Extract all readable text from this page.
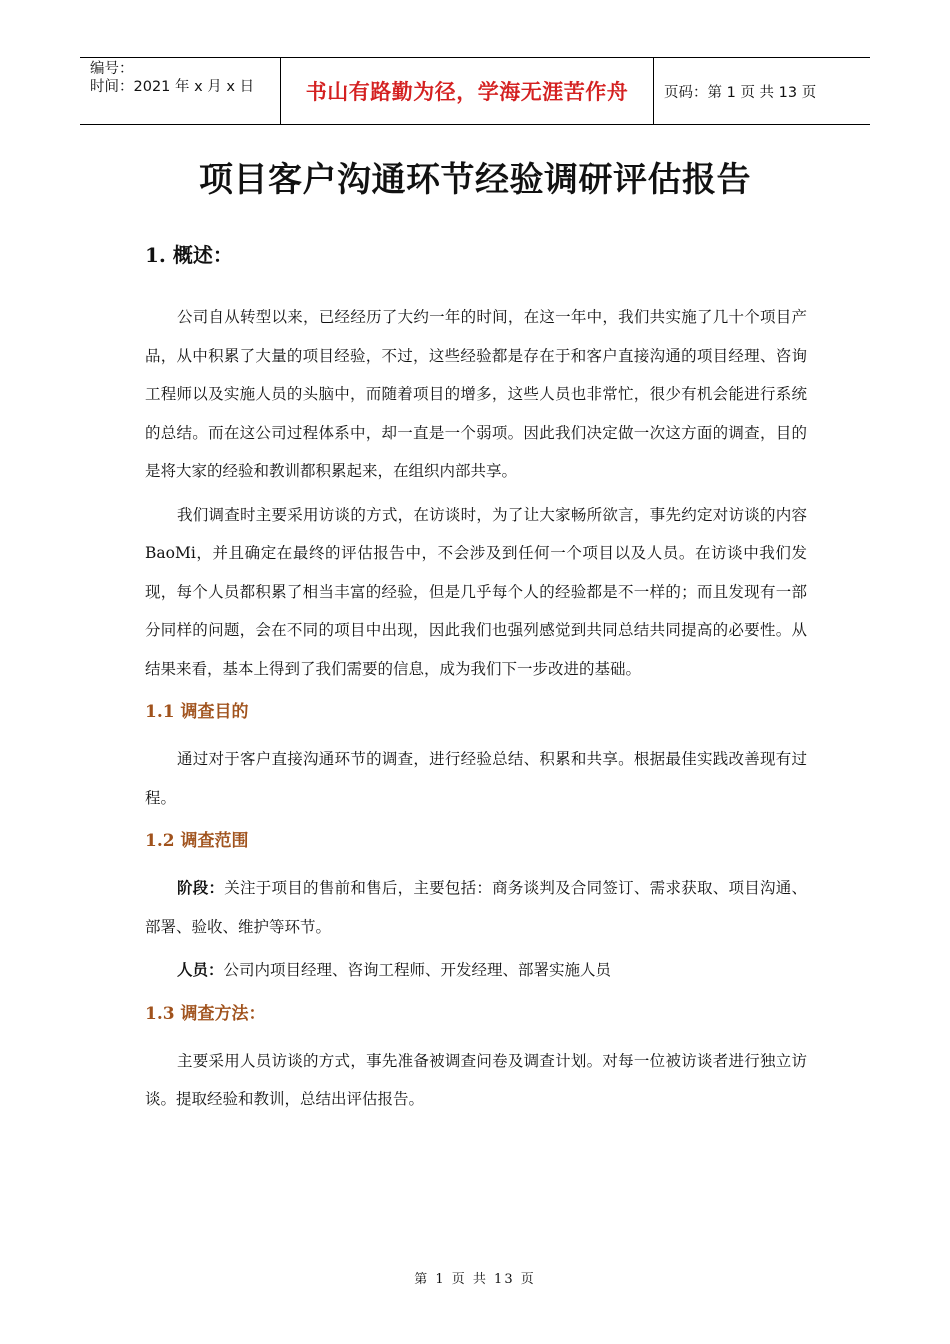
编号：
时间：2021 年 x 月 x 日	书山有路勤为径，学海无涯苦作舟	页码：第 1 页 共 13 页
项目客户沟通环节经验调研评估报告
1. 概述：

公司自从转型以来，已经经历了大约一年的时间，在这一年中，我们共实施了几十个项目产品，从中积累了大量的项目经验，不过，这些经验都是存在于和客户直接沟通的项目经理、咨询工程师以及实施人员的头脑中，而随着项目的增多，这些人员也非常忙，很少有机会能进行系统的总结。而在这公司过程体系中，却一直是一个弱项。因此我们决定做一次这方面的调查，目的是将大家的经验和教训都积累起来，在组织内部共享。

我们调查时主要采用访谈的方式，在访谈时，为了让大家畅所欲言，事先约定对访谈的内容 BaoMi，并且确定在最终的评估报告中，不会涉及到任何一个项目以及人员。在访谈中我们发现，每个人员都积累了相当丰富的经验，但是几乎每个人的经验都是不一样的；而且发现有一部分同样的问题，会在不同的项目中出现，因此我们也强列感觉到共同总结共同提高的必要性。从结果来看，基本上得到了我们需要的信息，成为我们下一步改进的基础。

1.1 调查目的

通过对于客户直接沟通环节的调查，进行经验总结、积累和共享。根据最佳实践改善现有过程。

1.2 调查范围

阶段：关注于项目的售前和售后，主要包括：商务谈判及合同签订、需求获取、项目沟通、部署、验收、维护等环节。

人员：公司内项目经理、咨询工程师、开发经理、部署实施人员

1.3 调查方法：

主要采用人员访谈的方式，事先准备被调查问卷及调查计划。对每一位被访谈者进行独立访谈。提取经验和教训，总结出评估报告。

第 1 页 共 13 页
